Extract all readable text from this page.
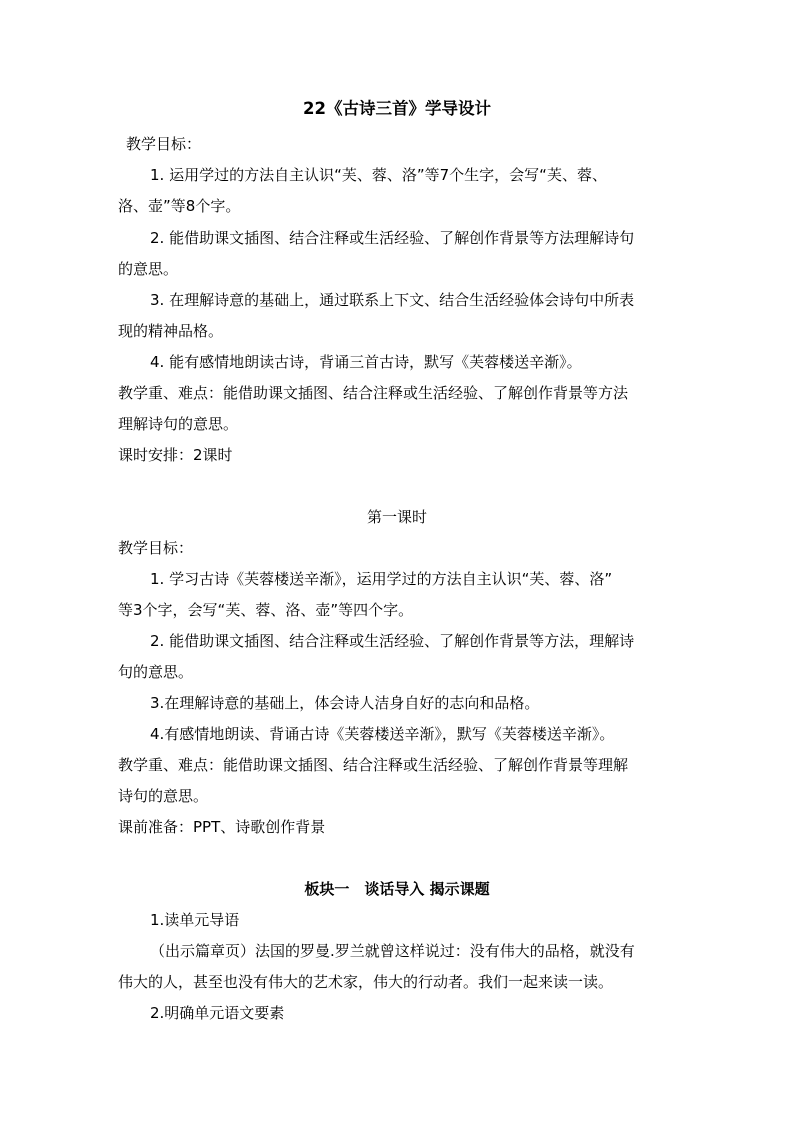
22《古诗三首》学导设计
教学目标：
1. 运用学过的方法自主认识“芙、蓉、洛”等7个生字，会写“芙、蓉、
洛、壶”等8个字。
2. 能借助课文插图、结合注释或生活经验、了解创作背景等方法理解诗句
的意思。
3. 在理解诗意的基础上，通过联系上下文、结合生活经验体会诗句中所表
现的精神品格。
4. 能有感情地朗读古诗，背诵三首古诗，默写《芙蓉楼送辛渐》。
教学重、难点：能借助课文插图、结合注释或生活经验、了解创作背景等方法
理解诗句的意思。
课时安排：2课时
第一课时
教学目标：
1. 学习古诗《芙蓉楼送辛渐》，运用学过的方法自主认识“芙、蓉、洛”
等3个字，会写“芙、蓉、洛、壶”等四个字。
2. 能借助课文插图、结合注释或生活经验、了解创作背景等方法，理解诗
句的意思。
3.在理解诗意的基础上，体会诗人洁身自好的志向和品格。
4.有感情地朗读、背诵古诗《芙蓉楼送辛渐》，默写《芙蓉楼送辛渐》。
教学重、难点：能借助课文插图、结合注释或生活经验、了解创作背景等理解
诗句的意思。
课前准备：PPT、诗歌创作背景
板块一　谈话导入 揭示课题
1.读单元导语
（出示篇章页）法国的罗曼.罗兰就曾这样说过：没有伟大的品格，就没有
伟大的人，甚至也没有伟大的艺术家，伟大的行动者。我们一起来读一读。
2.明确单元语文要素
